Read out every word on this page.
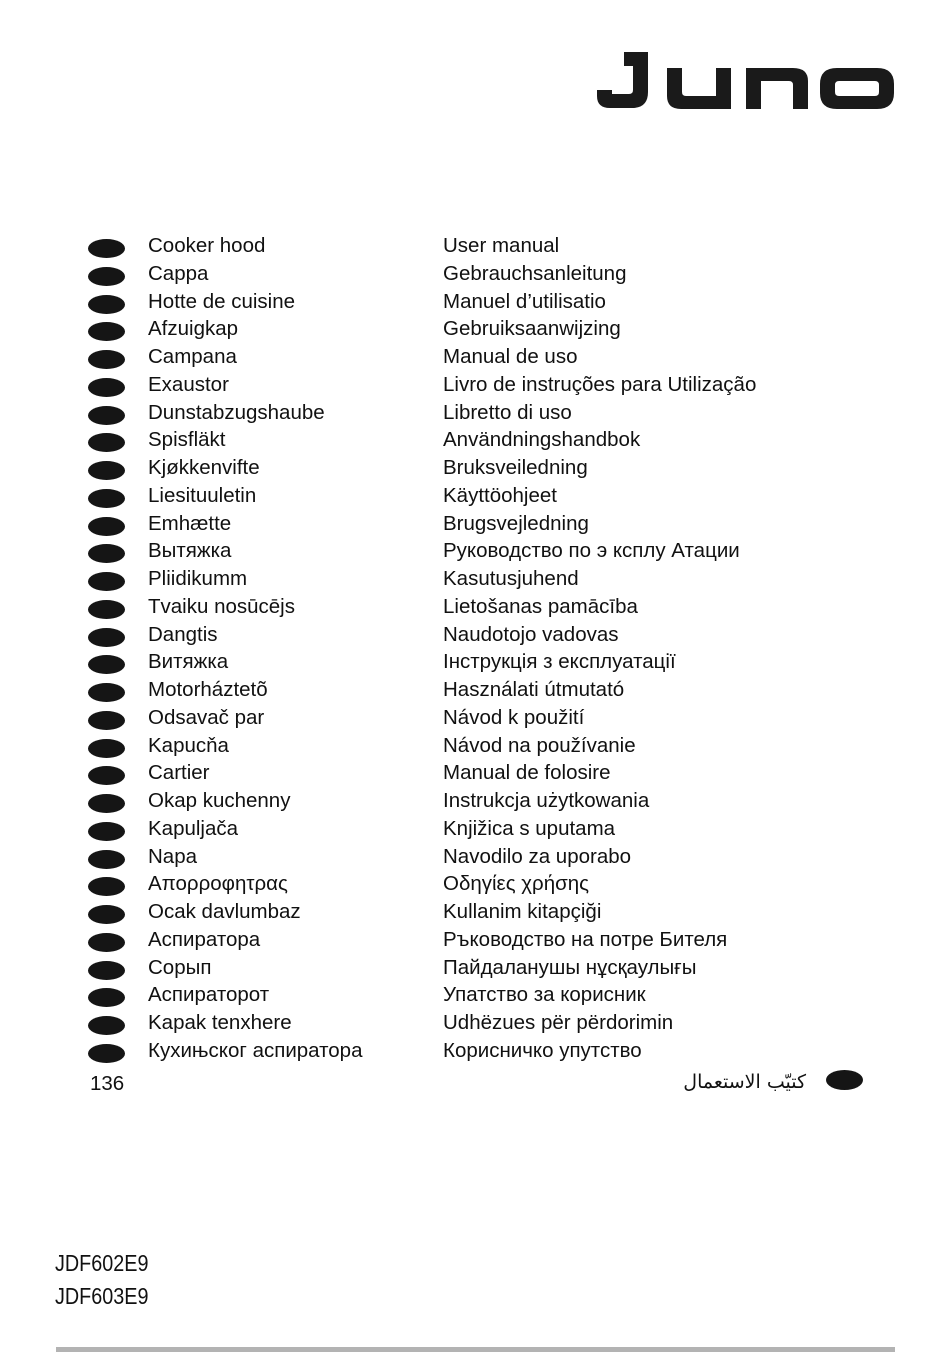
Cooker hood	User manual
Cappa	Gebrauchsanleitung
Hotte de cuisine	Manuel d’utilisatio
Afzuigkap	Gebruiksaanwijzing
Campana	Manual de uso
Exaustor	Livro de instruções para Utilização
Dunstabzugshaube	Libretto di uso
Spisfläkt	Användningshandbok
Kjøkkenvifte	Bruksveiledning
Liesituuletin	Käyttöohjeet
Emhætte	Brugsvejledning
Вытяжка	Руководство по э ксплу Атации
Pliidikumm	Kasutusjuhend
Tvaiku nosūcējs	Lietošanas pamācība
Dangtis	Naudotojo vadovas
Витяжка	Інструкція з експлуатації
Motorháztetõ	Használati útmutató
Odsavač par	Návod k použití
Kapucňa	Návod na používanie
Cartier	Manual de folosire
Okap kuchenny	Instrukcja użytkowania
Kapuljača	Knjižica s uputama
Napa	Navodilo za uporabo
Απορροφητρας	Οδηγίες χρήσης
Ocak davlumbaz	Kullanim kitapçiği
Аспиратора	Ръководство на потре Бителя
Сорып	Пайдаланушы нұсқаулығы
Аспираторот	Упатство за корисник
Kapak tenxhere	Udhëzues për përdorimin
Кухињског аспиратора	Корисничко упутство
136	كتيّب الاستعمال
JDF602E9
JDF603E9
